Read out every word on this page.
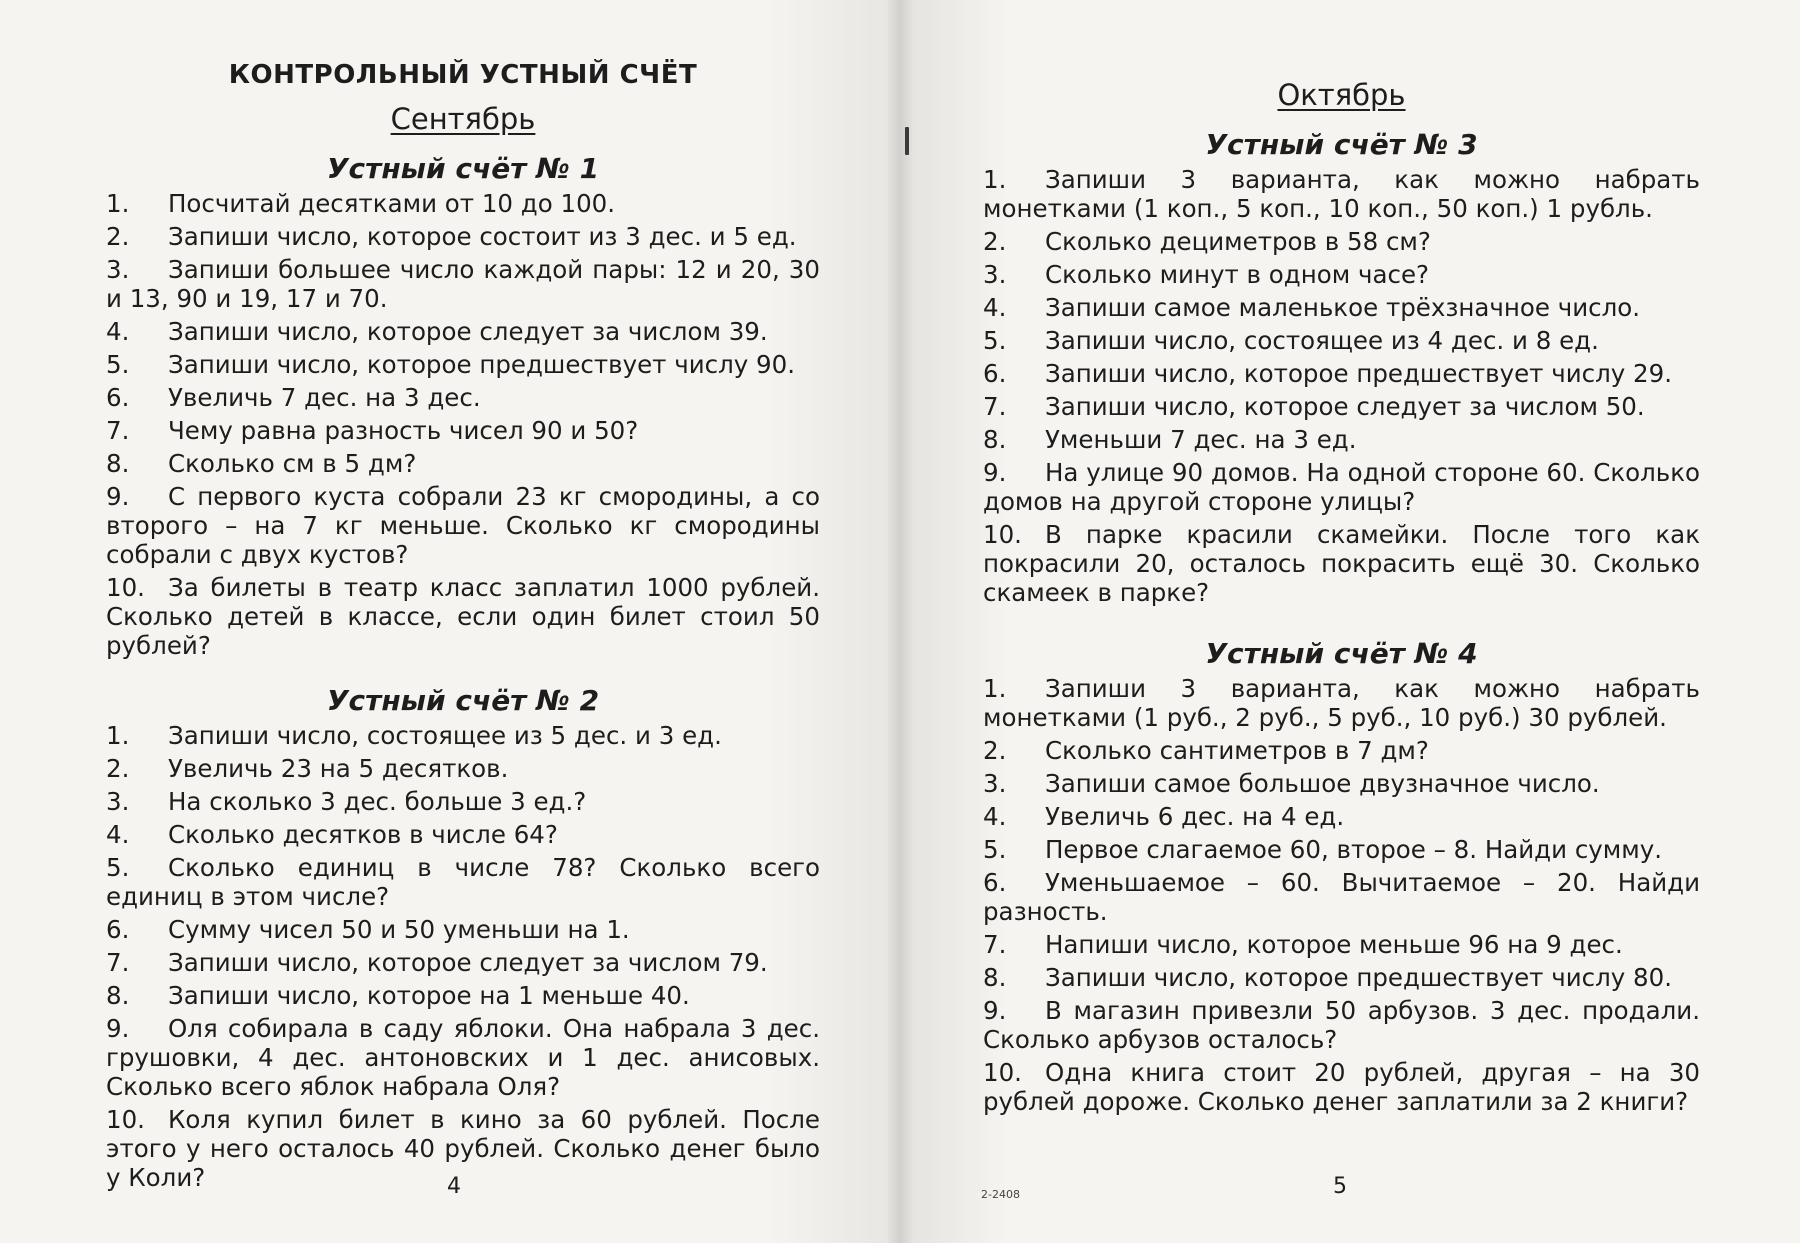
КОНТРОЛЬНЫЙ УСТНЫЙ СЧЁТ
Сентябрь
Устный счёт № 1
1. Посчитай десятками от 10 до 100.
2. Запиши число, которое состоит из 3 дес. и 5 ед.
3. Запиши большее число каждой пары: 12 и 20, 30 и 13, 90 и 19, 17 и 70.
4. Запиши число, которое следует за числом 39.
5. Запиши число, которое предшествует числу 90.
6. Увеличь 7 дес. на 3 дес.
7. Чему равна разность чисел 90 и 50?
8. Сколько см в 5 дм?
9. С первого куста собрали 23 кг смородины, а со второго – на 7 кг меньше. Сколько кг смородины собрали с двух кустов?
10. За билеты в театр класс заплатил 1000 рублей. Сколько детей в классе, если один билет стоил 50 рублей?
Устный счёт № 2
1. Запиши число, состоящее из 5 дес. и 3 ед.
2. Увеличь 23 на 5 десятков.
3. На сколько 3 дес. больше 3 ед.?
4. Сколько десятков в числе 64?
5. Сколько единиц в числе 78? Сколько всего единиц в этом числе?
6. Сумму чисел 50 и 50 уменьши на 1.
7. Запиши число, которое следует за числом 79.
8. Запиши число, которое на 1 меньше 40.
9. Оля собирала в саду яблоки. Она набрала 3 дес. грушовки, 4 дес. антоновских и 1 дес. анисовых. Сколько всего яблок набрала Оля?
10. Коля купил билет в кино за 60 рублей. После этого у него осталось 40 рублей. Сколько денег было у Коли?	4
Октябрь
Устный счёт № 3
1. Запиши 3 варианта, как можно набрать монетками (1 коп., 5 коп., 10 коп., 50 коп.) 1 рубль.
2. Сколько дециметров в 58 см?
3. Сколько минут в одном часе?
4. Запиши самое маленькое трёхзначное число.
5. Запиши число, состоящее из 4 дес. и 8 ед.
6. Запиши число, которое предшествует числу 29.
7. Запиши число, которое следует за числом 50.
8. Уменьши 7 дес. на 3 ед.
9. На улице 90 домов. На одной стороне 60. Сколько домов на другой стороне улицы?
10. В парке красили скамейки. После того как покрасили 20, осталось покрасить ещё 30. Сколько скамеек в парке?
Устный счёт № 4
1. Запиши 3 варианта, как можно набрать монетками (1 руб., 2 руб., 5 руб., 10 руб.) 30 рублей.
2. Сколько сантиметров в 7 дм?
3. Запиши самое большое двузначное число.
4. Увеличь 6 дес. на 4 ед.
5. Первое слагаемое 60, второе – 8. Найди сумму.
6. Уменьшаемое – 60. Вычитаемое – 20. Найди разность.
7. Напиши число, которое меньше 96 на 9 дес.
8. Запиши число, которое предшествует числу 80.
9. В магазин привезли 50 арбузов. 3 дес. продали. Сколько арбузов осталось?
10. Одна книга стоит 20 рублей, другая – на 30 рублей дороже. Сколько денег заплатили за 2 книги?
2-2408	5
